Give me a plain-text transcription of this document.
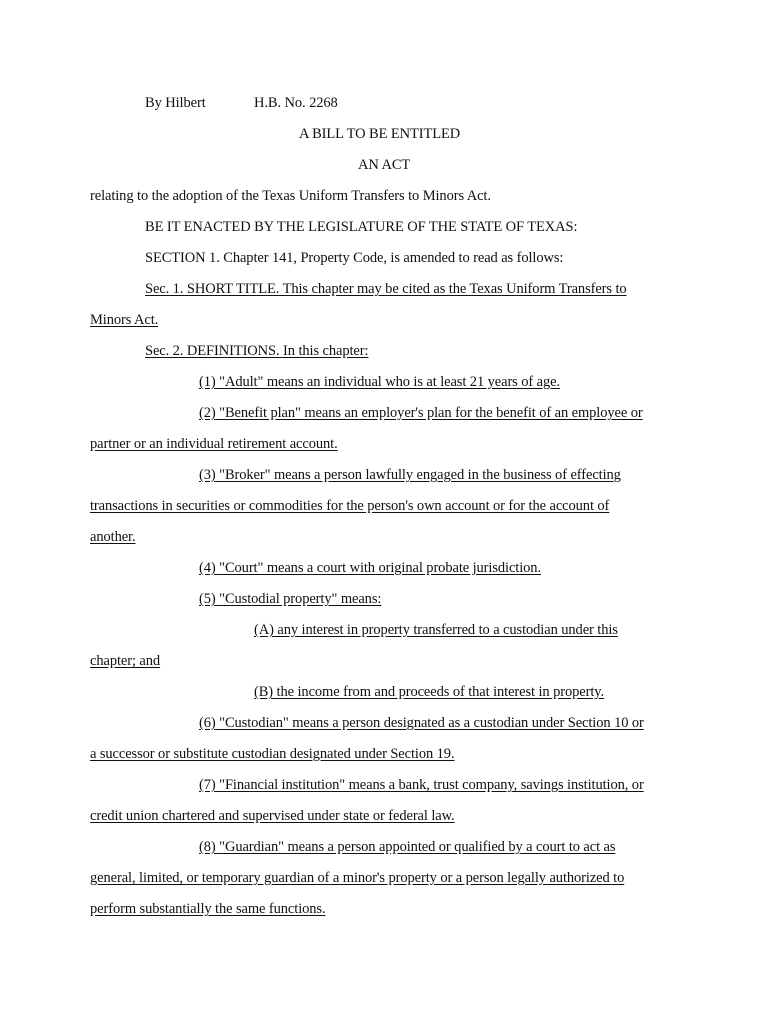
By Hilbert	H.B. No. 2268
A BILL TO BE ENTITLED
AN ACT
relating to the adoption of the Texas Uniform Transfers to Minors Act.
BE IT ENACTED BY THE LEGISLATURE OF THE STATE OF TEXAS:
SECTION 1. Chapter 141, Property Code, is amended to read as follows:
Sec. 1. SHORT TITLE. This chapter may be cited as the Texas Uniform Transfers to
Minors Act.
Sec. 2. DEFINITIONS. In this chapter:
(1) "Adult" means an individual who is at least 21 years of age.
(2) "Benefit plan" means an employer's plan for the benefit of an employee or
partner or an individual retirement account.
(3) "Broker" means a person lawfully engaged in the business of effecting
transactions in securities or commodities for the person's own account or for the account of
another.
(4) "Court" means a court with original probate jurisdiction.
(5) "Custodial property" means:
(A) any interest in property transferred to a custodian under this
chapter; and
(B) the income from and proceeds of that interest in property.
(6) "Custodian" means a person designated as a custodian under Section 10 or
a successor or substitute custodian designated under Section 19.
(7) "Financial institution" means a bank, trust company, savings institution, or
credit union chartered and supervised under state or federal law.
(8) "Guardian" means a person appointed or qualified by a court to act as
general, limited, or temporary guardian of a minor's property or a person legally authorized to
perform substantially the same functions.
